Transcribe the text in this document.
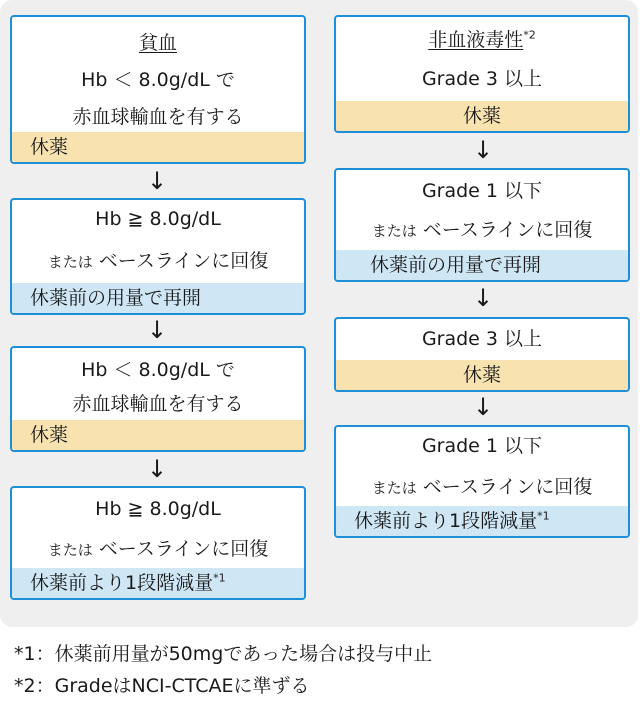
貧血
Hb ＜ 8.0g/dL で
赤血球輸血を有する
休薬
↓
Hb ≧ 8.0g/dL
または ベースラインに回復
休薬前の用量で再開
↓
Hb ＜ 8.0g/dL で
赤血球輸血を有する
休薬
↓
Hb ≧ 8.0g/dL
または ベースラインに回復
休薬前より1段階減量$^{*1}$
非血液毒性$^{*2}$
Grade 3 以上
休薬
↓
Grade 1 以下
または ベースラインに回復
休薬前の用量で再開
↓
Grade 3 以上
休薬
↓
Grade 1 以下
または ベースラインに回復
休薬前より1段階減量$^{*1}$
*1：休薬前用量が50mgであった場合は投与中止
*2：GradeはNCI-CTCAEに準ずる
